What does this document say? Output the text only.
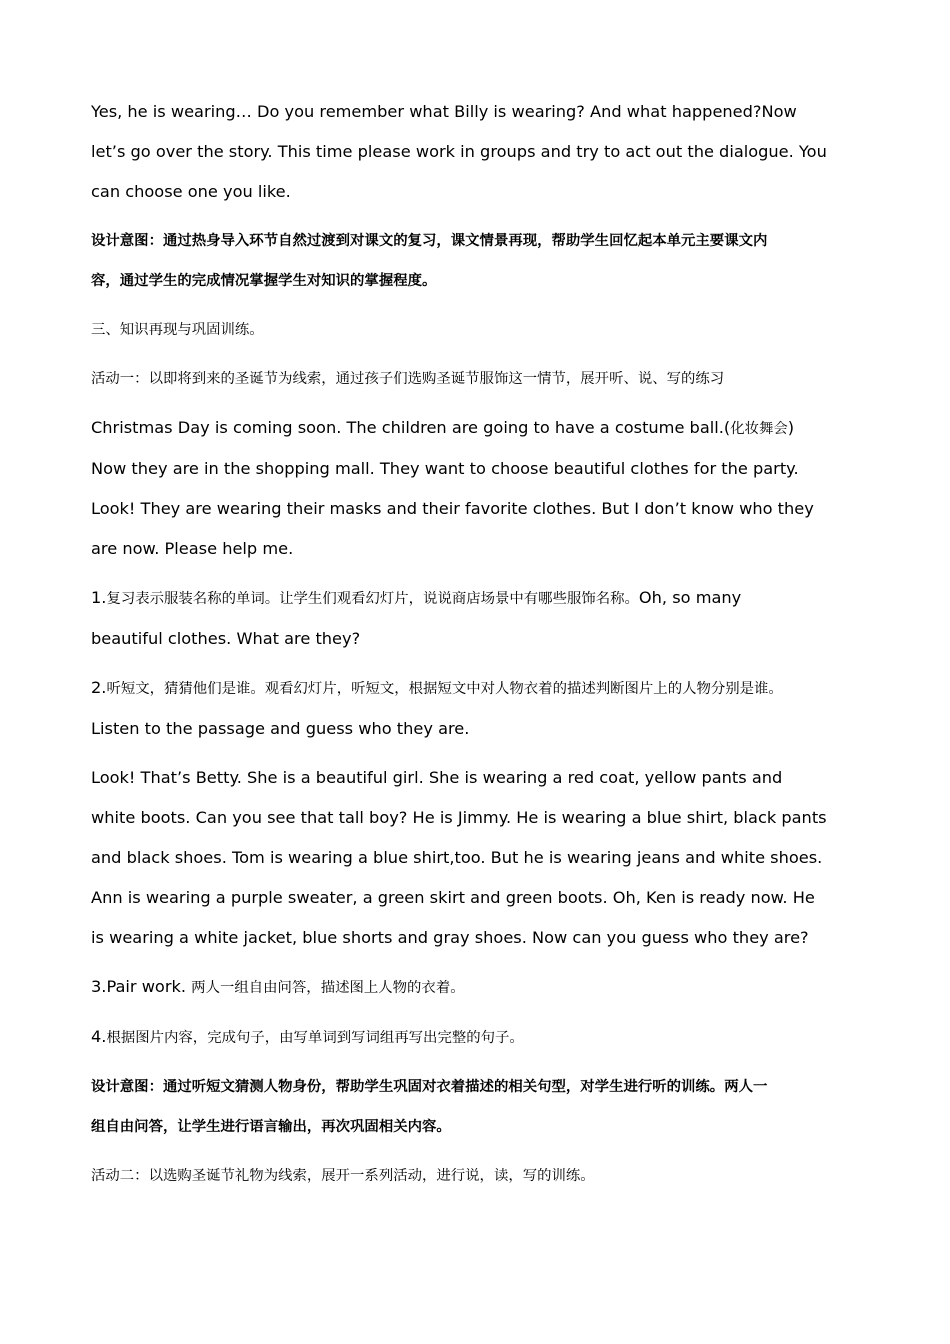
Yes, he is wearing… Do you remember what Billy is wearing? And what happened?Now

let’s go over the story. This time please work in groups and try to act out the dialogue. You

can choose one you like.

设计意图：通过热身导入环节自然过渡到对课文的复习，课文情景再现，帮助学生回忆起本单元主要课文内

容，通过学生的完成情况掌握学生对知识的掌握程度。

三、知识再现与巩固训练。

活动一：以即将到来的圣诞节为线索，通过孩子们选购圣诞节服饰这一情节，展开听、说、写的练习

Christmas Day is coming soon. The children are going to have a costume ball.(化妆舞会)

Now they are in the shopping mall. They want to choose beautiful clothes for the party.

Look! They are wearing their masks and their favorite clothes. But I don’t know who they

are now. Please help me.

1.复习表示服装名称的单词。让学生们观看幻灯片，说说商店场景中有哪些服饰名称。Oh, so many

beautiful clothes. What are they?

2.听短文，猜猜他们是谁。观看幻灯片，听短文，根据短文中对人物衣着的描述判断图片上的人物分别是谁。

Listen to the passage and guess who they are.

Look! That’s Betty. She is a beautiful girl. She is wearing a red coat, yellow pants and

white boots. Can you see that tall boy? He is Jimmy. He is wearing a blue shirt, black pants

and black shoes. Tom is wearing a blue shirt,too. But he is wearing jeans and white shoes.

Ann is wearing a purple sweater, a green skirt and green boots. Oh, Ken is ready now. He

is wearing a white jacket, blue shorts and gray shoes. Now can you guess who they are?

3.Pair work. 两人一组自由问答，描述图上人物的衣着。

4.根据图片内容，完成句子，由写单词到写词组再写出完整的句子。

设计意图：通过听短文猜测人物身份，帮助学生巩固对衣着描述的相关句型，对学生进行听的训练。两人一

组自由问答，让学生进行语言输出，再次巩固相关内容。

活动二：以选购圣诞节礼物为线索，展开一系列活动，进行说，读，写的训练。
